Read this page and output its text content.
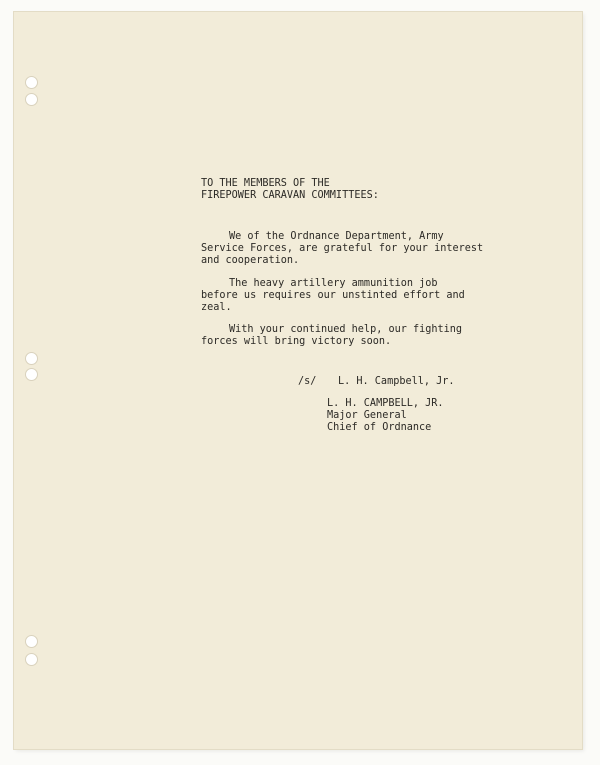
TO THE MEMBERS OF THE

FIREPOWER CARAVAN COMMITTEES:

We of the Ordnance Department, Army

Service Forces, are grateful for your interest

and cooperation.

The heavy artillery ammunition job

before us requires our unstinted effort and

zeal.

With your continued help, our fighting

forces will bring victory soon.

/s/ L. H. Campbell, Jr.

L. H. CAMPBELL, JR.

Major General

Chief of Ordnance
